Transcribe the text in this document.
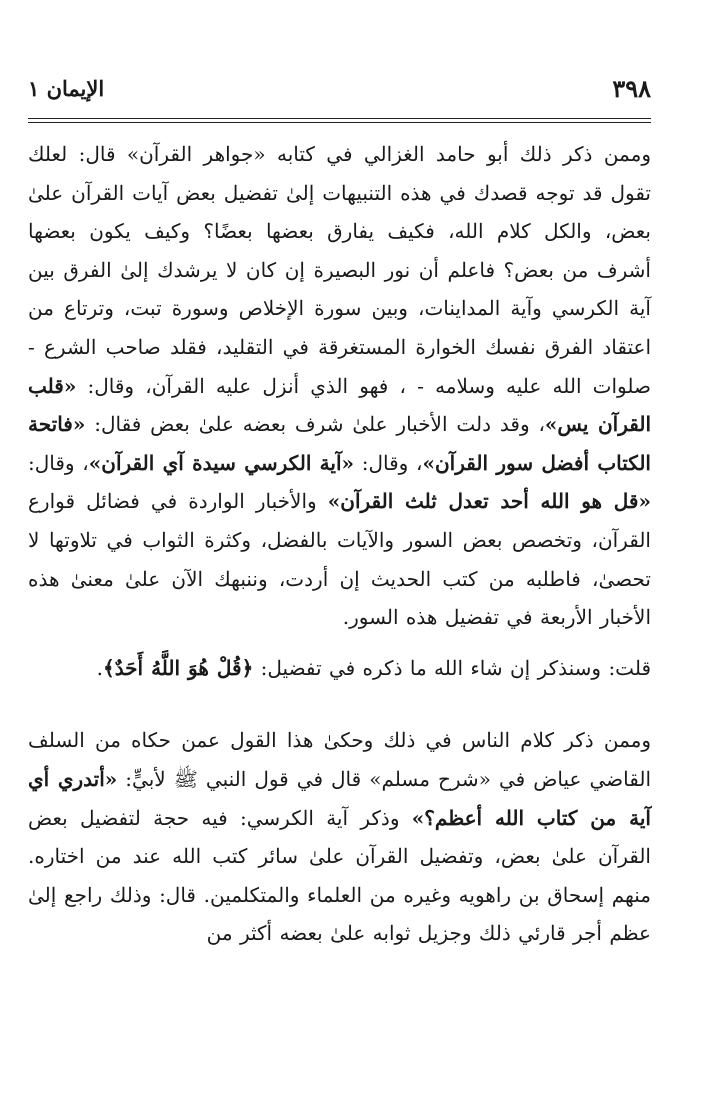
٣٩٨
الإيمان ١

وممن ذكر ذلك أبو حامد الغزالي في كتابه «جواهر القرآن» قال: لعلك تقول قد توجه قصدك في هذه التنبيهات إلىٰ تفضيل بعض آيات القرآن علىٰ بعض، والكل كلام الله، فكيف يفارق بعضها بعضًا؟ وكيف يكون بعضها أشرف من بعض؟ فاعلم أن نور البصيرة إن كان لا يرشدك إلىٰ الفرق بين آية الكرسي وآية المداينات، وبين سورة الإخلاص وسورة تبت، وترتاع من اعتقاد الفرق نفسك الخوارة المستغرقة في التقليد، فقلد صاحب الشرع - صلوات الله عليه وسلامه - ، فهو الذي أنزل عليه القرآن، وقال: «قلب القرآن يس»، وقد دلت الأخبار علىٰ شرف بعضه علىٰ بعض فقال: «فاتحة الكتاب أفضل سور القرآن»، وقال: «آية الكرسي سيدة آي القرآن»، وقال: «قل هو الله أحد تعدل ثلث القرآن» والأخبار الواردة في فضائل قوارع القرآن، وتخصص بعض السور والآيات بالفضل، وكثرة الثواب في تلاوتها لا تحصىٰ، فاطلبه من كتب الحديث إن أردت، وننبهك الآن علىٰ معنىٰ هذه الأخبار الأربعة في تفضيل هذه السور.

قلت: وسنذكر إن شاء الله ما ذكره في تفضيل: ﴿قُلْ هُوَ اللَّهُ أَحَدٌ﴾.

وممن ذكر كلام الناس في ذلك وحكىٰ هذا القول عمن حكاه من السلف القاضي عياض في «شرح مسلم» قال في قول النبي ﷺ لأبيٍّ: «أتدري أي آية من كتاب الله أعظم؟» وذكر آية الكرسي: فيه حجة لتفضيل بعض القرآن علىٰ بعض، وتفضيل القرآن علىٰ سائر كتب الله عند من اختاره. منهم إسحاق بن راهويه وغيره من العلماء والمتكلمين. قال: وذلك راجع إلىٰ عظم أجر قارئي ذلك وجزيل ثوابه علىٰ بعضه أكثر من
